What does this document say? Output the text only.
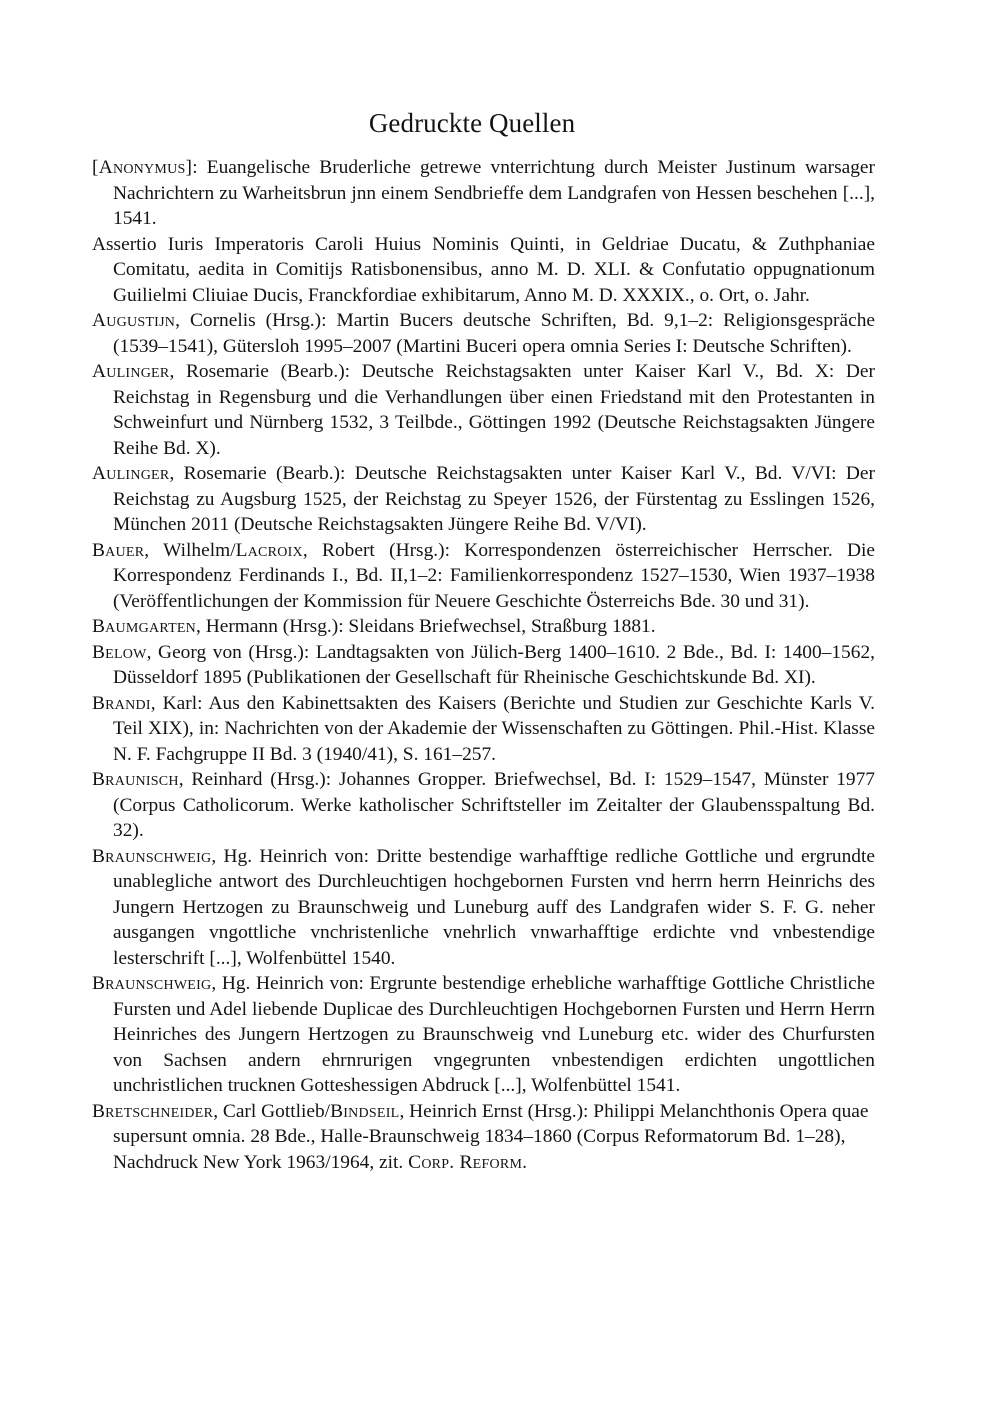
Gedruckte Quellen

[Anonymus]: Euangelische Bruderliche getrewe vnterrichtung durch Meister Justinum warsager Nachrichtern zu Warheitsbrun jnn einem Sendbrieffe dem Landgrafen von Hessen beschehen [...], 1541.

Assertio Iuris Imperatoris Caroli Huius Nominis Quinti, in Geldriae Ducatu, & Zuthphaniae Comitatu, aedita in Comitijs Ratisbonensibus, anno M. D. XLI. & Confutatio oppugnationum Guilielmi Cliuiae Ducis, Franckfordiae exhibitarum, Anno M. D. XXXIX., o. Ort, o. Jahr.

Augustijn, Cornelis (Hrsg.): Martin Bucers deutsche Schriften, Bd. 9,1–2: Religionsgespräche (1539–1541), Gütersloh 1995–2007 (Martini Buceri opera omnia Series I: Deutsche Schriften).

Aulinger, Rosemarie (Bearb.): Deutsche Reichstagsakten unter Kaiser Karl V., Bd. X: Der Reichstag in Regensburg und die Verhandlungen über einen Friedstand mit den Protestanten in Schweinfurt und Nürnberg 1532, 3 Teilbde., Göttingen 1992 (Deutsche Reichstagsakten Jüngere Reihe Bd. X).

Aulinger, Rosemarie (Bearb.): Deutsche Reichstagsakten unter Kaiser Karl V., Bd. V/VI: Der Reichstag zu Augsburg 1525, der Reichstag zu Speyer 1526, der Fürstentag zu Esslingen 1526, München 2011 (Deutsche Reichstagsakten Jüngere Reihe Bd. V/VI).

Bauer, Wilhelm/Lacroix, Robert (Hrsg.): Korrespondenzen österreichischer Herrscher. Die Korrespondenz Ferdinands I., Bd. II,1–2: Familienkorrespondenz 1527–1530, Wien 1937–1938 (Veröffentlichungen der Kommission für Neuere Geschichte Österreichs Bde. 30 und 31).

Baumgarten, Hermann (Hrsg.): Sleidans Briefwechsel, Straßburg 1881.

Below, Georg von (Hrsg.): Landtagsakten von Jülich-Berg 1400–1610. 2 Bde., Bd. I: 1400–1562, Düsseldorf 1895 (Publikationen der Gesellschaft für Rheinische Geschichtskunde Bd. XI).

Brandi, Karl: Aus den Kabinettsakten des Kaisers (Berichte und Studien zur Geschichte Karls V. Teil XIX), in: Nachrichten von der Akademie der Wissenschaften zu Göttingen. Phil.-Hist. Klasse N. F. Fachgruppe II Bd. 3 (1940/41), S. 161–257.

Braunisch, Reinhard (Hrsg.): Johannes Gropper. Briefwechsel, Bd. I: 1529–1547, Münster 1977 (Corpus Catholicorum. Werke katholischer Schriftsteller im Zeitalter der Glaubensspaltung Bd. 32).

Braunschweig, Hg. Heinrich von: Dritte bestendige warhafftige redliche Gottliche und ergrundte unablegliche antwort des Durchleuchtigen hochgebornen Fursten vnd herrn herrn Heinrichs des Jungern Hertzogen zu Braunschweig und Luneburg auff des Landgrafen wider S. F. G. neher ausgangen vngottliche vnchristenliche vnehrlich vnwarhafftige erdichte vnd vnbestendige lesterschrift [...], Wolfenbüttel 1540.

Braunschweig, Hg. Heinrich von: Ergrunte bestendige erhebliche warhafftige Gottliche Christliche Fursten und Adel liebende Duplicae des Durchleuchtigen Hochgebornen Fursten und Herrn Herrn Heinriches des Jungern Hertzogen zu Braunschweig vnd Luneburg etc. wider des Churfursten von Sachsen andern ehrnrurigen vngegrunten vnbestendigen erdichten ungottlichen unchristlichen trucknen Gotteshessigen Abdruck [...], Wolfenbüttel 1541.

Bretschneider, Carl Gottlieb/Bindseil, Heinrich Ernst (Hrsg.): Philippi Melanchthonis Opera quae supersunt omnia. 28 Bde., Halle-Braunschweig 1834–1860 (Corpus Reformatorum Bd. 1–28), Nachdruck New York 1963/1964, zit. Corp. Reform.
